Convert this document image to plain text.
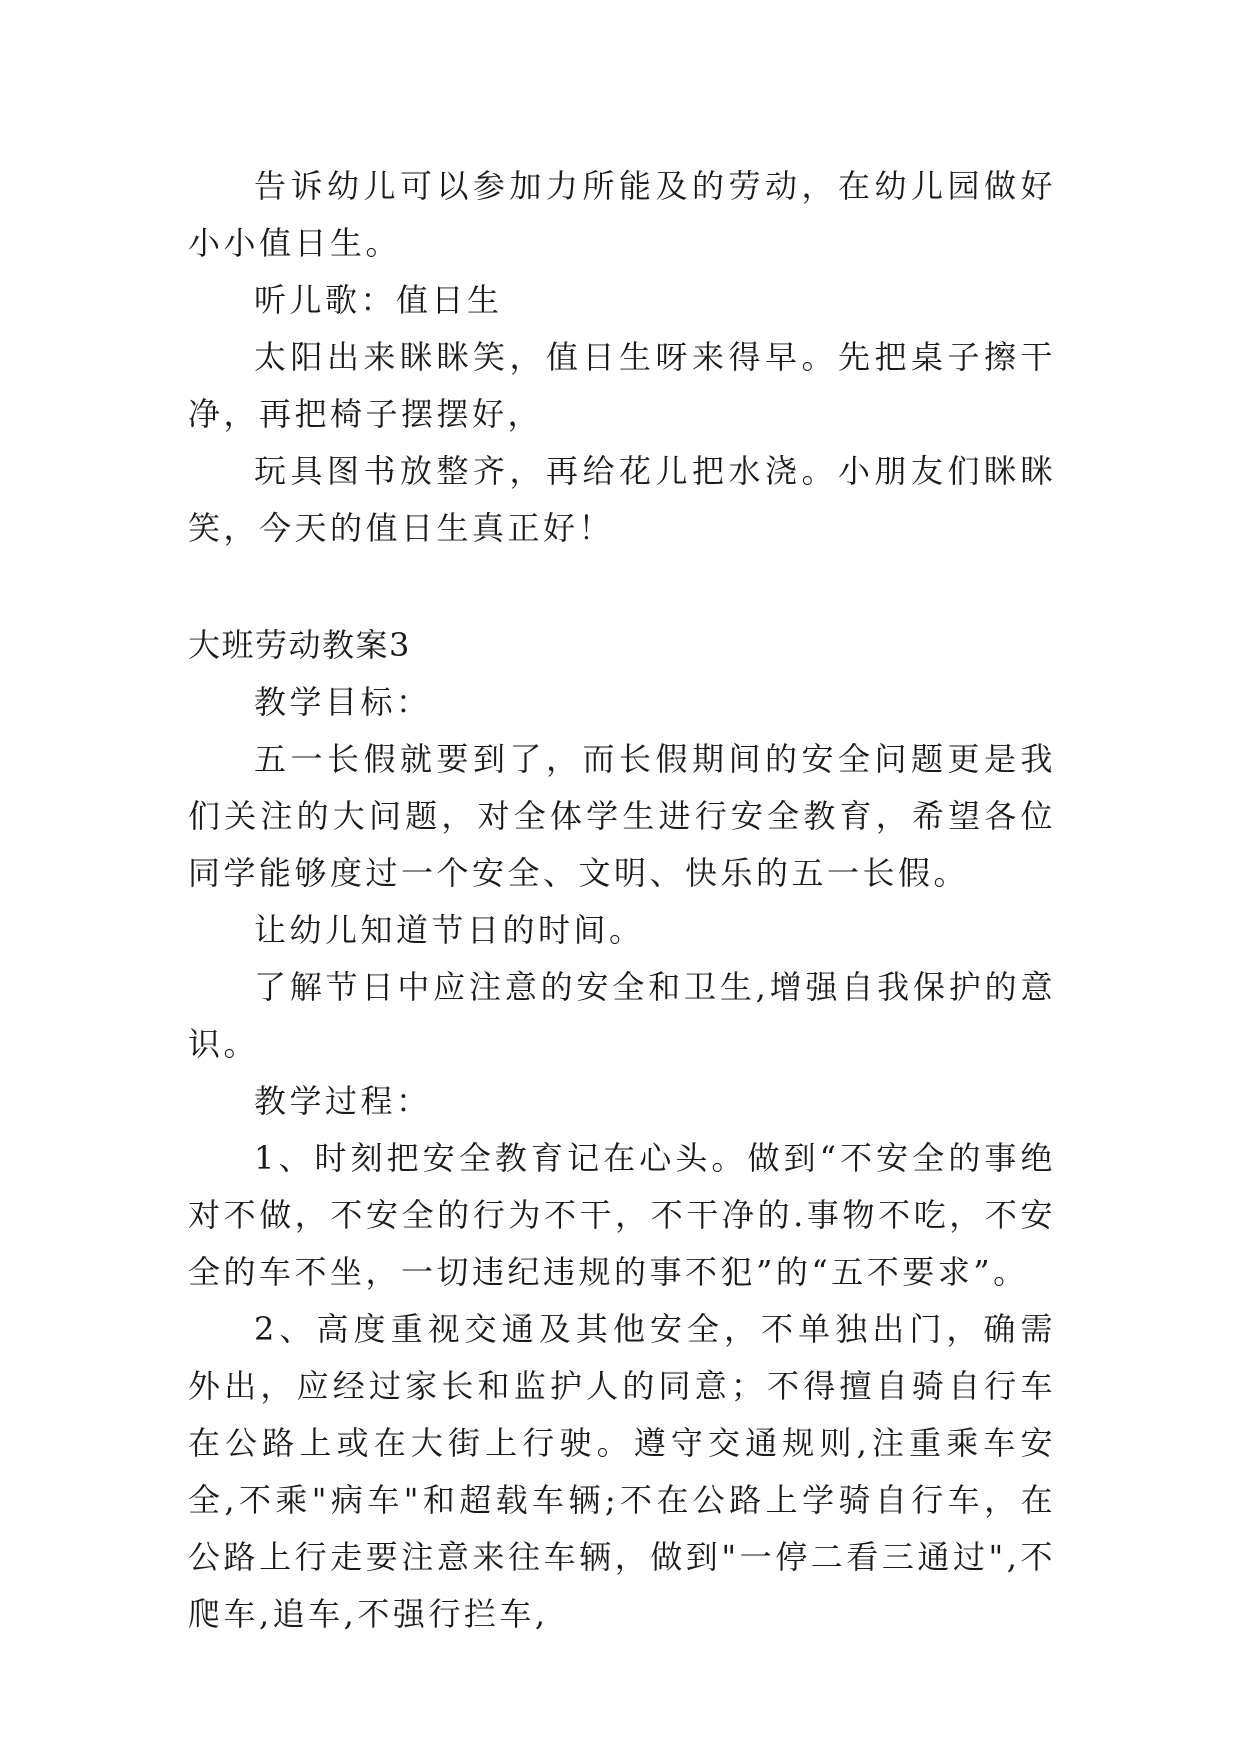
告诉幼儿可以参加力所能及的劳动，在幼儿园做好小小值日生。

听儿歌：值日生

太阳出来眯眯笑，值日生呀来得早。先把桌子擦干净，再把椅子摆摆好，

玩具图书放整齐，再给花儿把水浇。小朋友们眯眯笑，今天的值日生真正好！

大班劳动教案3

教学目标：

五一长假就要到了，而长假期间的安全问题更是我们关注的大问题，对全体学生进行安全教育，希望各位同学能够度过一个安全、文明、快乐的五一长假。

让幼儿知道节日的时间。

了解节日中应注意的安全和卫生,增强自我保护的意识。

教学过程：

1、时刻把安全教育记在心头。做到“不安全的事绝对不做，不安全的行为不干，不干净的.事物不吃，不安全的车不坐，一切违纪违规的事不犯”的“五不要求”。

2、高度重视交通及其他安全，不单独出门，确需外出，应经过家长和监护人的同意；不得擅自骑自行车在公路上或在大街上行驶。遵守交通规则,注重乘车安全,不乘"病车"和超载车辆;不在公路上学骑自行车，在公路上行走要注意来往车辆，做到"一停二看三通过",不爬车,追车,不强行拦车,
